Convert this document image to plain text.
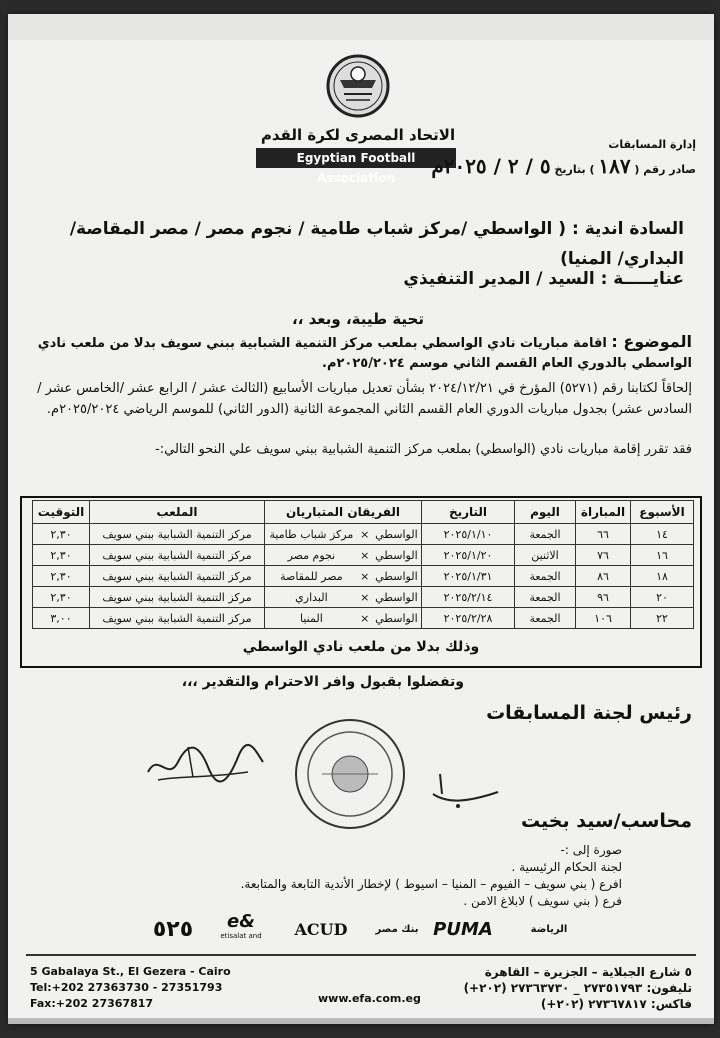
الاتحاد المصرى لكرة القدم
Egyptian Football Association
إدارة المسابقات
صادر رقم ( ١٨٧ ) بتاريخ ٥ / ٢ / ٢٠٢٥م
السادة اندية : ( الواسطي /مركز شباب طامية / نجوم مصر / مصر المقاصة/ البداري/ المنيا)
عنايـــــة : السيد / المدير التنفيذي
تحية طيبة، وبعد ،،
الموضوع : اقامة مباريات نادي الواسطي بملعب مركز التنمية الشبابية ببني سويف بدلا من ملعب نادي الواسطي بالدوري العام القسم الثاني موسم ٢٠٢٥/٢٠٢٤م.
إلحاقاً لكتابنا رقم (٥٢٧١) المؤرخ في ٢٠٢٤/١٢/٢١ بشأن تعديل مباريات الأسابيع (الثالث عشر / الرابع عشر /الخامس عشر /السادس عشر) بجدول مباريات الدوري العام القسم الثاني المجموعة الثانية (الدور الثاني) للموسم الرياضي ٢٠٢٥/٢٠٢٤م.
فقد تقرر إقامة مباريات نادي (الواسطي) بملعب مركز التنمية الشبابية ببني سويف علي النحو التالي:-
الأسبوع	المباراة	اليوم	التاريخ	الفريقان المتباريان			الملعب	التوقيت
١٤	٦٦	الجمعة	٢٠٢٥/١/١٠	الواسطي	×	مركز شباب طامية	مركز التنمية الشبابية ببني سويف	٢,٣٠
١٦	٧٦	الاثنين	٢٠٢٥/١/٢٠	الواسطي	×	نجوم مصر	مركز التنمية الشبابية ببني سويف	٢,٣٠
١٨	٨٦	الجمعة	٢٠٢٥/١/٣١	الواسطي	×	مصر للمقاصة	مركز التنمية الشبابية ببني سويف	٢,٣٠
٢٠	٩٦	الجمعة	٢٠٢٥/٢/١٤	الواسطي	×	البداري	مركز التنمية الشبابية ببني سويف	٢,٣٠
٢٢	١٠٦	الجمعة	٢٠٢٥/٢/٢٨	الواسطي	×	المنيا	مركز التنمية الشبابية ببني سويف	٣,٠٠
وذلك بدلا من ملعب نادي الواسطي
وتفضلوا بقبول وافر الاحترام والتقدير ،،،
رئيس لجنة المسابقات
محاسب/سيد بخيت
صورة إلى :-
لجنة الحكام الرئيسية .
افرع ( بني سويف – الفيوم – المنيا – اسيوط ) لإخطار الأندية التابعة والمتابعة.
فرع ( بني سويف ) لابلاغ الامن .
٥٢٥	e&
etisalat and	ACUD	بنك مصر PUMA	الرياضة
5 Gabalaya St., El Gezera - Cairo
Tel:+202 27363730 - 27351793
Fax:+202 27367817	www.efa.com.eg
٥ شارع الجبلاية – الجزيرة – القاهرة
تليفون: ٢٧٣٥١٧٩٣ _ ٢٧٣٦٣٧٣٠ (٢٠٢+)
فاكس: ٢٧٣٦٧٨١٧ (٢٠٢+)
